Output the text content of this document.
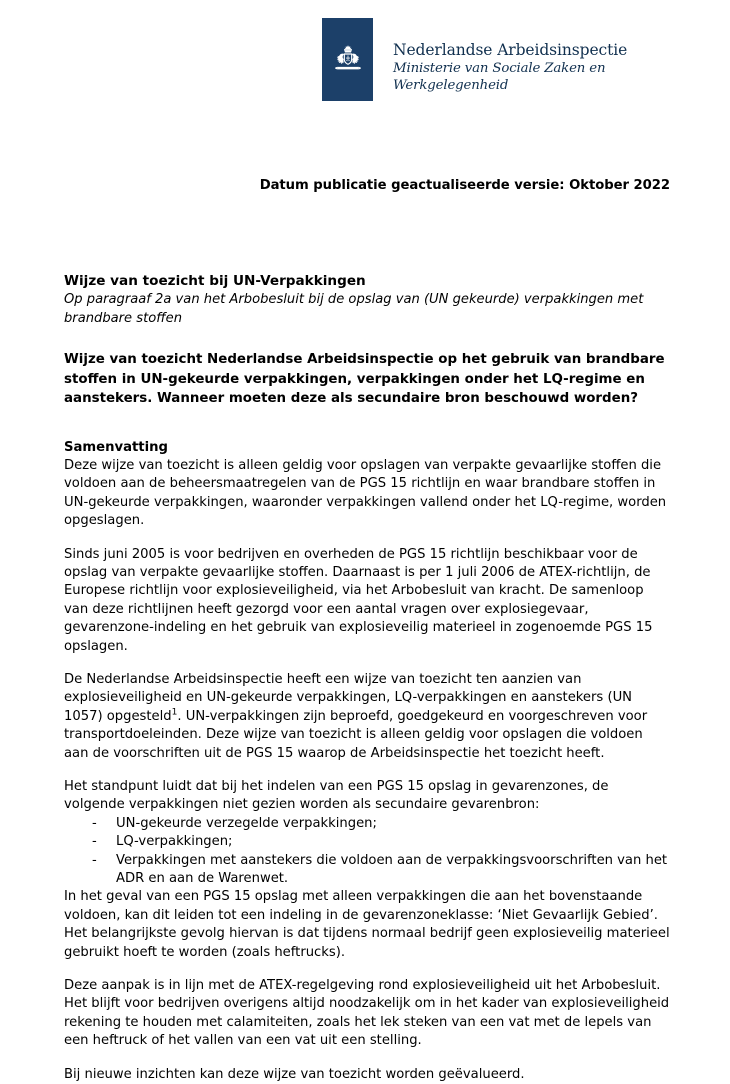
Nederlandse Arbeidsinspectie
Ministerie van Sociale Zaken en
Werkgelegenheid
Datum publicatie geactualiseerde versie: Oktober 2022
Wijze van toezicht bij UN-Verpakkingen
Op paragraaf 2a van het Arbobesluit bij de opslag van (UN gekeurde) verpakkingen met brandbare stoffen
Wijze van toezicht Nederlandse Arbeidsinspectie op het gebruik van brandbare stoffen in UN-gekeurde verpakkingen, verpakkingen onder het LQ-regime en aanstekers. Wanneer moeten deze als secundaire bron beschouwd worden?
Samenvatting

Deze wijze van toezicht is alleen geldig voor opslagen van verpakte gevaarlijke stoffen die voldoen aan de beheersmaatregelen van de PGS 15 richtlijn en waar brandbare stoffen in UN-gekeurde verpakkingen, waaronder verpakkingen vallend onder het LQ-regime, worden opgeslagen.

Sinds juni 2005 is voor bedrijven en overheden de PGS 15 richtlijn beschikbaar voor de opslag van verpakte gevaarlijke stoffen. Daarnaast is per 1 juli 2006 de ATEX-richtlijn, de Europese richtlijn voor explosieveiligheid, via het Arbobesluit van kracht. De samenloop van deze richtlijnen heeft gezorgd voor een aantal vragen over explosiegevaar, gevarenzone-indeling en het gebruik van explosieveilig materieel in zogenoemde PGS 15 opslagen.

De Nederlandse Arbeidsinspectie heeft een wijze van toezicht ten aanzien van explosieveiligheid en UN-gekeurde verpakkingen, LQ-verpakkingen en aanstekers (UN 1057) opgesteld$^1$. UN-verpakkingen zijn beproefd, goedgekeurd en voorgeschreven voor transportdoeleinden. Deze wijze van toezicht is alleen geldig voor opslagen die voldoen aan de voorschriften uit de PGS 15 waarop de Arbeidsinspectie het toezicht heeft.

Het standpunt luidt dat bij het indelen van een PGS 15 opslag in gevarenzones, de volgende verpakkingen niet gezien worden als secundaire gevarenbron:

- UN-gekeurde verzegelde verpakkingen;
- LQ-verpakkingen;
- Verpakkingen met aanstekers die voldoen aan de verpakkingsvoorschriften van het ADR en aan de Warenwet.

In het geval van een PGS 15 opslag met alleen verpakkingen die aan het bovenstaande voldoen, kan dit leiden tot een indeling in de gevarenzoneklasse: ‘Niet Gevaarlijk Gebied’. Het belangrijkste gevolg hiervan is dat tijdens normaal bedrijf geen explosieveilig materieel gebruikt hoeft te worden (zoals heftrucks).

Deze aanpak is in lijn met de ATEX-regelgeving rond explosieveiligheid uit het Arbobesluit. Het blijft voor bedrijven overigens altijd noodzakelijk om in het kader van explosieveiligheid rekening te houden met calamiteiten, zoals het lek steken van een vat met de lepels van een heftruck of het vallen van een vat uit een stelling.

Bij nieuwe inzichten kan deze wijze van toezicht worden geëvalueerd.
